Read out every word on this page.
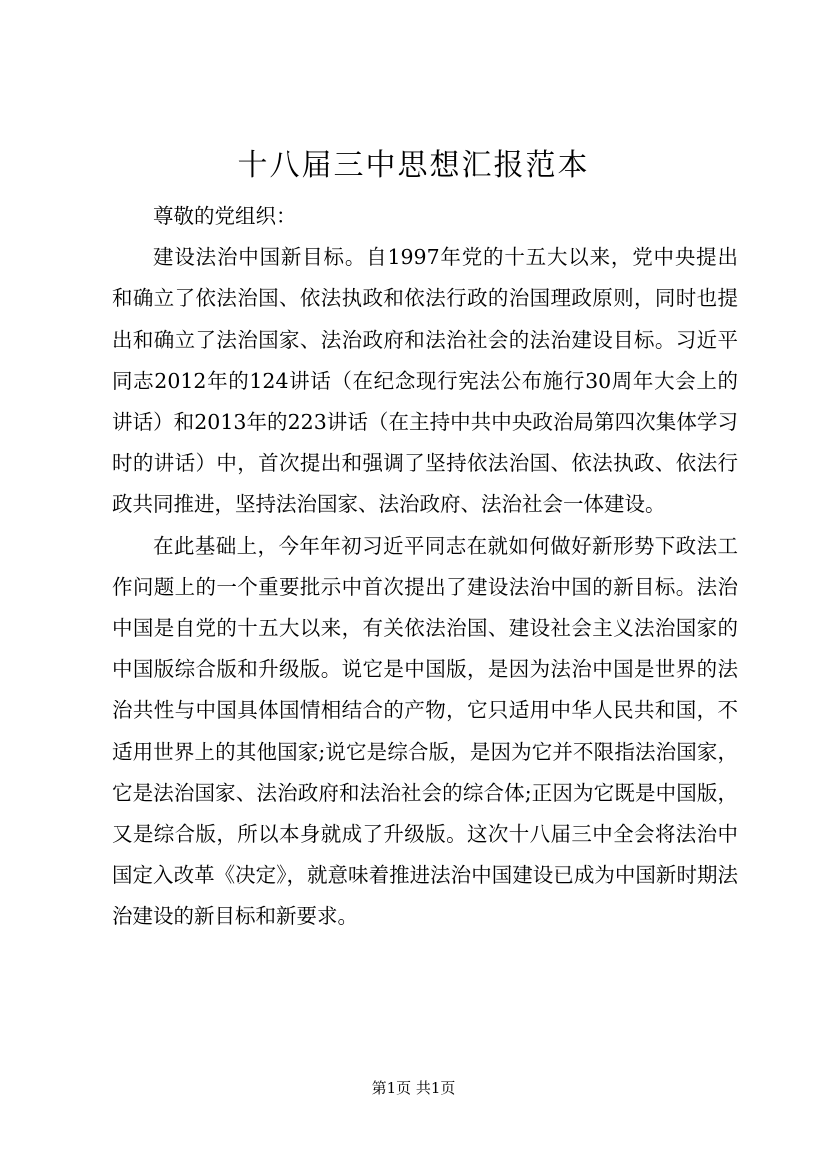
十八届三中思想汇报范本

尊敬的党组织：

建设法治中国新目标。自1997年党的十五大以来，党中央提出和确立了依法治国、依法执政和依法行政的治国理政原则，同时也提出和确立了法治国家、法治政府和法治社会的法治建设目标。习近平同志2012年的124讲话（在纪念现行宪法公布施行30周年大会上的讲话）和2013年的223讲话（在主持中共中央政治局第四次集体学习时的讲话）中，首次提出和强调了坚持依法治国、依法执政、依法行政共同推进，坚持法治国家、法治政府、法治社会一体建设。

在此基础上，今年年初习近平同志在就如何做好新形势下政法工作问题上的一个重要批示中首次提出了建设法治中国的新目标。法治中国是自党的十五大以来，有关依法治国、建设社会主义法治国家的中国版综合版和升级版。说它是中国版，是因为法治中国是世界的法治共性与中国具体国情相结合的产物，它只适用中华人民共和国，不适用世界上的其他国家;说它是综合版，是因为它并不限指法治国家，它是法治国家、法治政府和法治社会的综合体;正因为它既是中国版，又是综合版，所以本身就成了升级版。这次十八届三中全会将法治中国定入改革《决定》，就意味着推进法治中国建设已成为中国新时期法治建设的新目标和新要求。

第1页 共1页
